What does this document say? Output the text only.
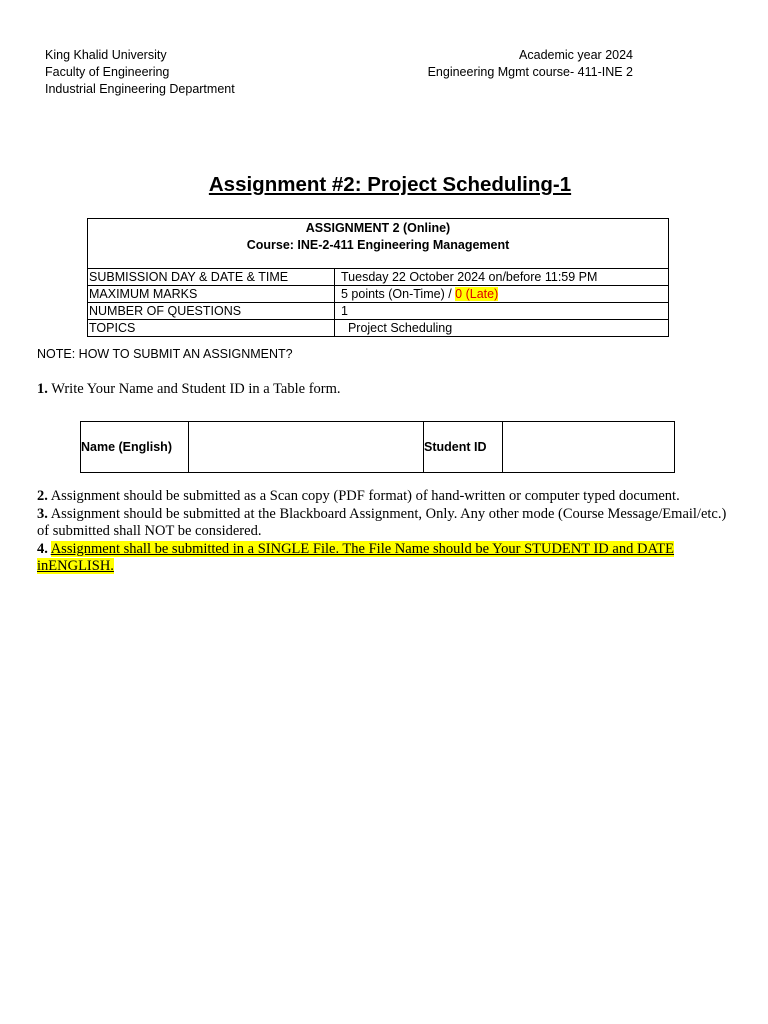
King Khalid University
Faculty of Engineering
Industrial Engineering Department
Academic year 2024
Engineering Mgmt course- 411-INE 2
Assignment #2: Project Scheduling-1
ASSIGNMENT 2 (Online)
Course: INE-2-411 Engineering Management	

SUBMISSION DAY & DATE & TIME	Tuesday 22 October 2024 on/before 11:59 PM
MAXIMUM MARKS	5 points (On-Time) / 0 (Late)
NUMBER OF QUESTIONS	1
TOPICS	Project Scheduling
NOTE: HOW TO SUBMIT AN ASSIGNMENT?
1. Write Your Name and Student ID in a Table form.
Name (English)		Student ID	
2. Assignment should be submitted as a Scan copy (PDF format) of hand-written or computer typed document.
3. Assignment should be submitted at the Blackboard Assignment, Only. Any other mode (Course Message/Email/etc.) of submitted shall NOT be considered.
4. Assignment shall be submitted in a SINGLE File. The File Name should be Your STUDENT ID and DATE inENGLISH.
